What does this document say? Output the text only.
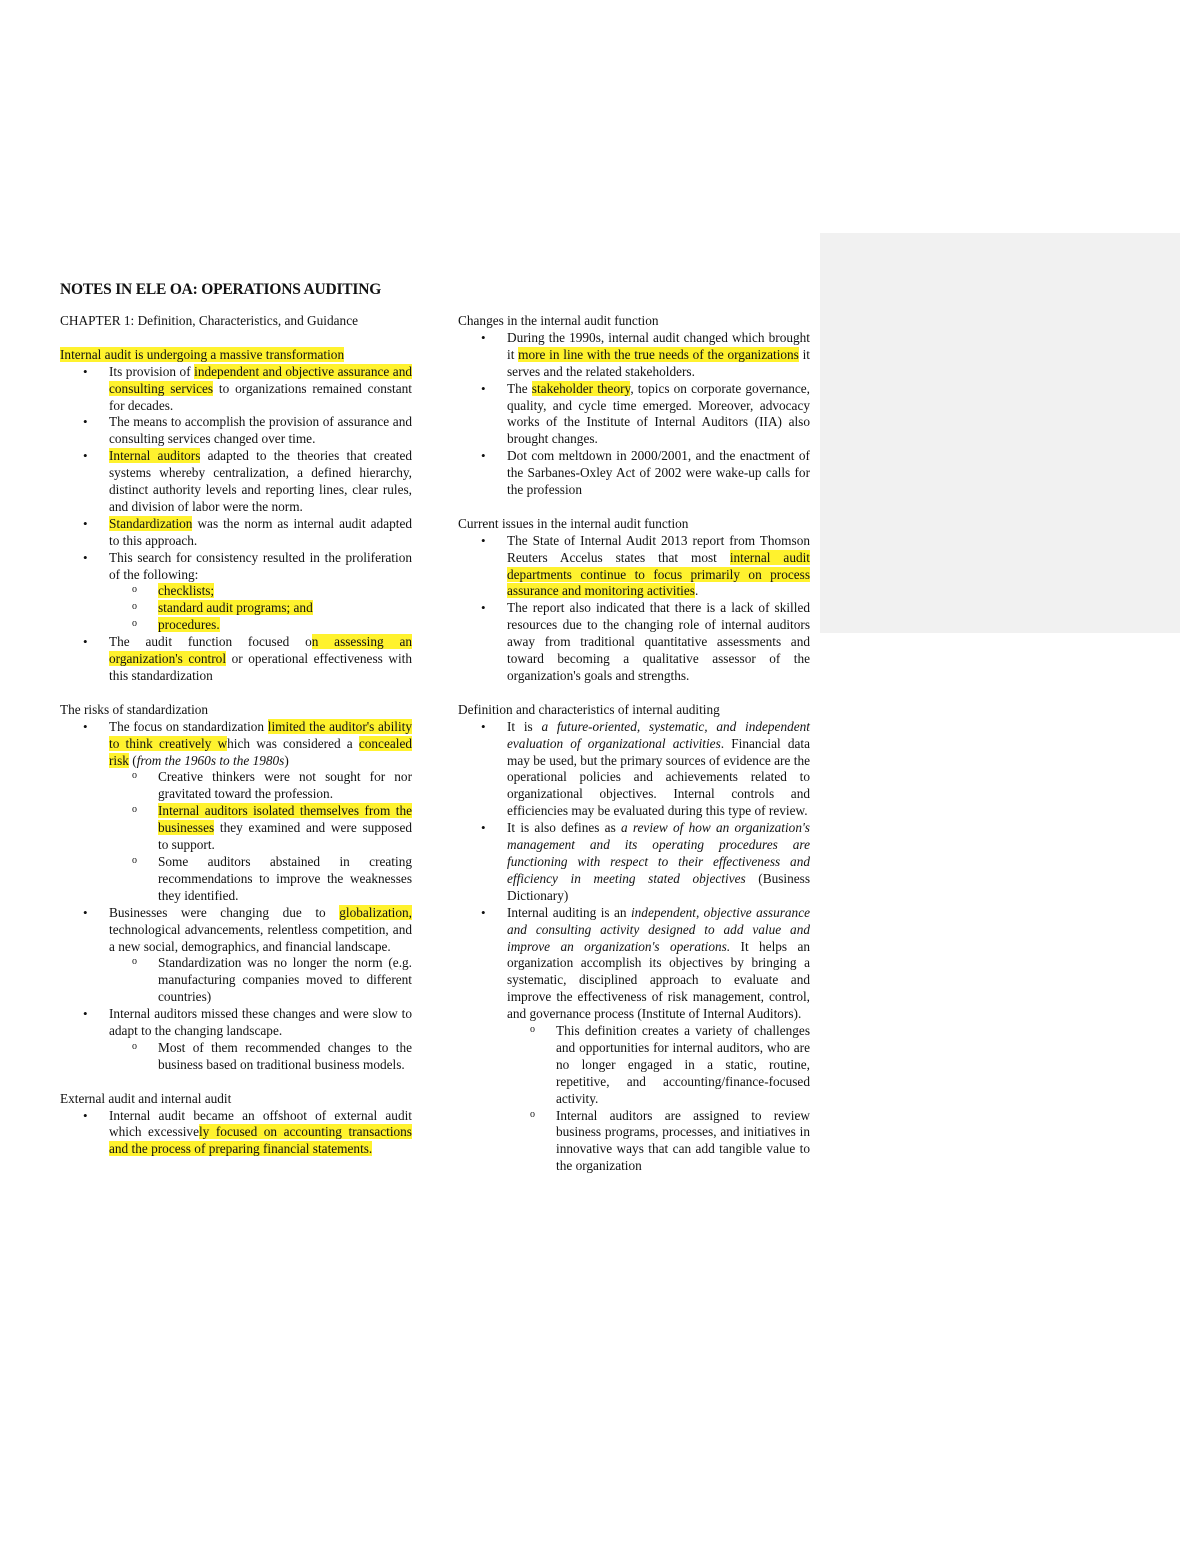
NOTES IN ELE OA: OPERATIONS AUDITING

CHAPTER 1: Definition, Characteristics, and Guidance

Internal audit is undergoing a massive transformation

• Its provision of independent and objective assurance and consulting services to organizations remained constant for decades.
• The means to accomplish the provision of assurance and consulting services changed over time.
• Internal auditors adapted to the theories that created systems whereby centralization, a defined hierarchy, distinct authority levels and reporting lines, clear rules, and division of labor were the norm.
• Standardization was the norm as internal audit adapted to this approach.
• This search for consistency resulted in the proliferation of the following:
o checklists;
o standard audit programs; and
o procedures.
• The audit function focused on assessing an organization's control or operational effectiveness with this standardization

The risks of standardization

• The focus on standardization limited the auditor's ability to think creatively which was considered a concealed risk (from the 1960s to the 1980s)
o Creative thinkers were not sought for nor gravitated toward the profession.
o Internal auditors isolated themselves from the businesses they examined and were supposed to support.
o Some auditors abstained in creating recommendations to improve the weaknesses they identified.
• Businesses were changing due to globalization, technological advancements, relentless competition, and a new social, demographics, and financial landscape.
o Standardization was no longer the norm (e.g. manufacturing companies moved to different countries)
• Internal auditors missed these changes and were slow to adapt to the changing landscape.
o Most of them recommended changes to the business based on traditional business models.

External audit and internal audit

• Internal audit became an offshoot of external audit which excessively focused on accounting transactions and the process of preparing financial statements.

Changes in the internal audit function

• During the 1990s, internal audit changed which brought it more in line with the true needs of the organizations it serves and the related stakeholders.
• The stakeholder theory, topics on corporate governance, quality, and cycle time emerged. Moreover, advocacy works of the Institute of Internal Auditors (IIA) also brought changes.
• Dot com meltdown in 2000/2001, and the enactment of the Sarbanes-Oxley Act of 2002 were wake-up calls for the profession

Current issues in the internal audit function

• The State of Internal Audit 2013 report from Thomson Reuters Accelus states that most internal audit departments continue to focus primarily on process assurance and monitoring activities.
• The report also indicated that there is a lack of skilled resources due to the changing role of internal auditors away from traditional quantitative assessments and toward becoming a qualitative assessor of the organization's goals and strengths.

Definition and characteristics of internal auditing

• It is a future-oriented, systematic, and independent evaluation of organizational activities. Financial data may be used, but the primary sources of evidence are the operational policies and achievements related to organizational objectives. Internal controls and efficiencies may be evaluated during this type of review.
• It is also defines as a review of how an organization's management and its operating procedures are functioning with respect to their effectiveness and efficiency in meeting stated objectives (Business Dictionary)
• Internal auditing is an independent, objective assurance and consulting activity designed to add value and improve an organization's operations. It helps an organization accomplish its objectives by bringing a systematic, disciplined approach to evaluate and improve the effectiveness of risk management, control, and governance process (Institute of Internal Auditors).
o This definition creates a variety of challenges and opportunities for internal auditors, who are no longer engaged in a static, routine, repetitive, and accounting/finance-focused activity.
o Internal auditors are assigned to review business programs, processes, and initiatives in innovative ways that can add tangible value to the organization
